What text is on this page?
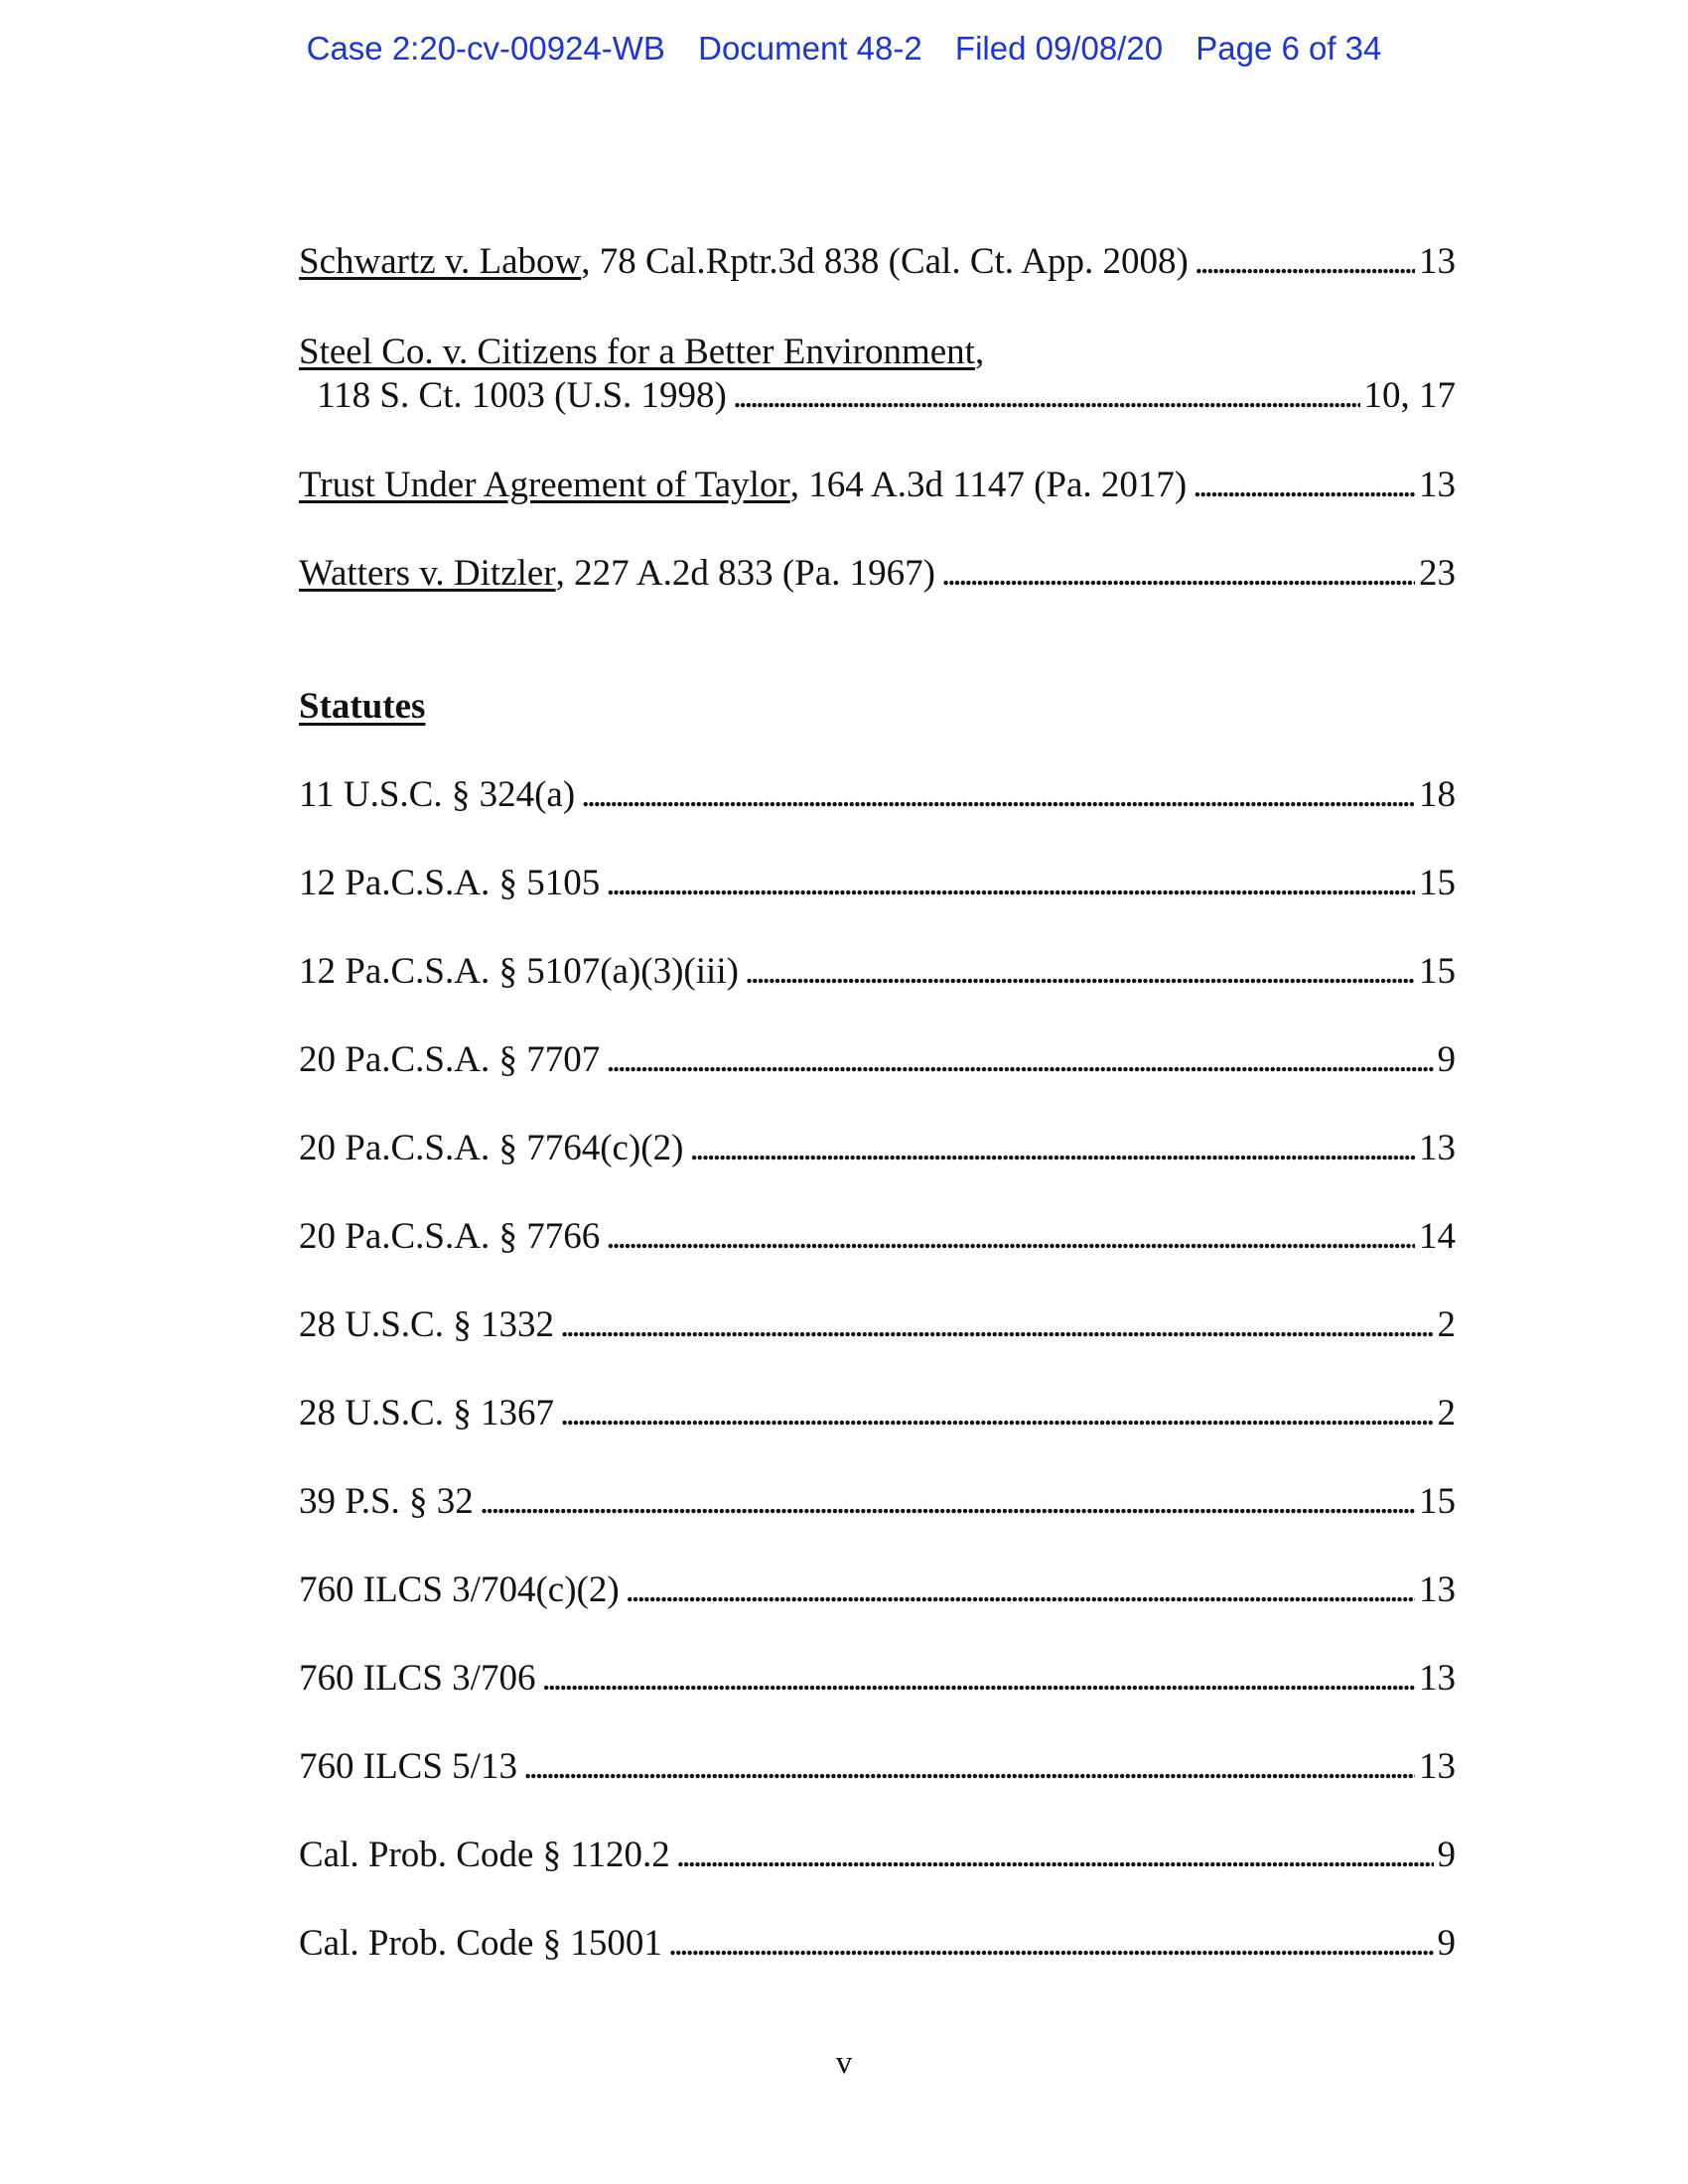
Case 2:20-cv-00924-WB Document 48-2 Filed 09/08/20 Page 6 of 34
Schwartz v. Labow , 78 Cal.Rptr.3d 838 (Cal. Ct. App. 2008) . . .	13
Steel Co. v. Citizens for a Better Environment ,
118 S. Ct. 1003 (U.S. 1998) . . .	10, 17
Trust Under Agreement of Taylor , 164 A.3d 1147 (Pa. 2017) . . .	13
Watters v. Ditzler , 227 A.2d 833 (Pa. 1967) . . .	23
Statutes
11 U.S.C. § 324(a) . . .	18
12 Pa.C.S.A. § 5105 . . .	15
12 Pa.C.S.A. § 5107(a)(3)(iii) . . .	15
20 Pa.C.S.A. § 7707 . . .	9
20 Pa.C.S.A. § 7764(c)(2) . . .	13
20 Pa.C.S.A. § 7766 . . .	14
28 U.S.C. § 1332 . . .	2
28 U.S.C. § 1367 . . .	2
39 P.S. § 32 . . .	15
760 ILCS 3/704(c)(2) . . .	13
760 ILCS 3/706 . . .	13
760 ILCS 5/13 . . .	13
Cal. Prob. Code § 1120.2 . . .	9
Cal. Prob. Code § 15001 . . .	9
v
